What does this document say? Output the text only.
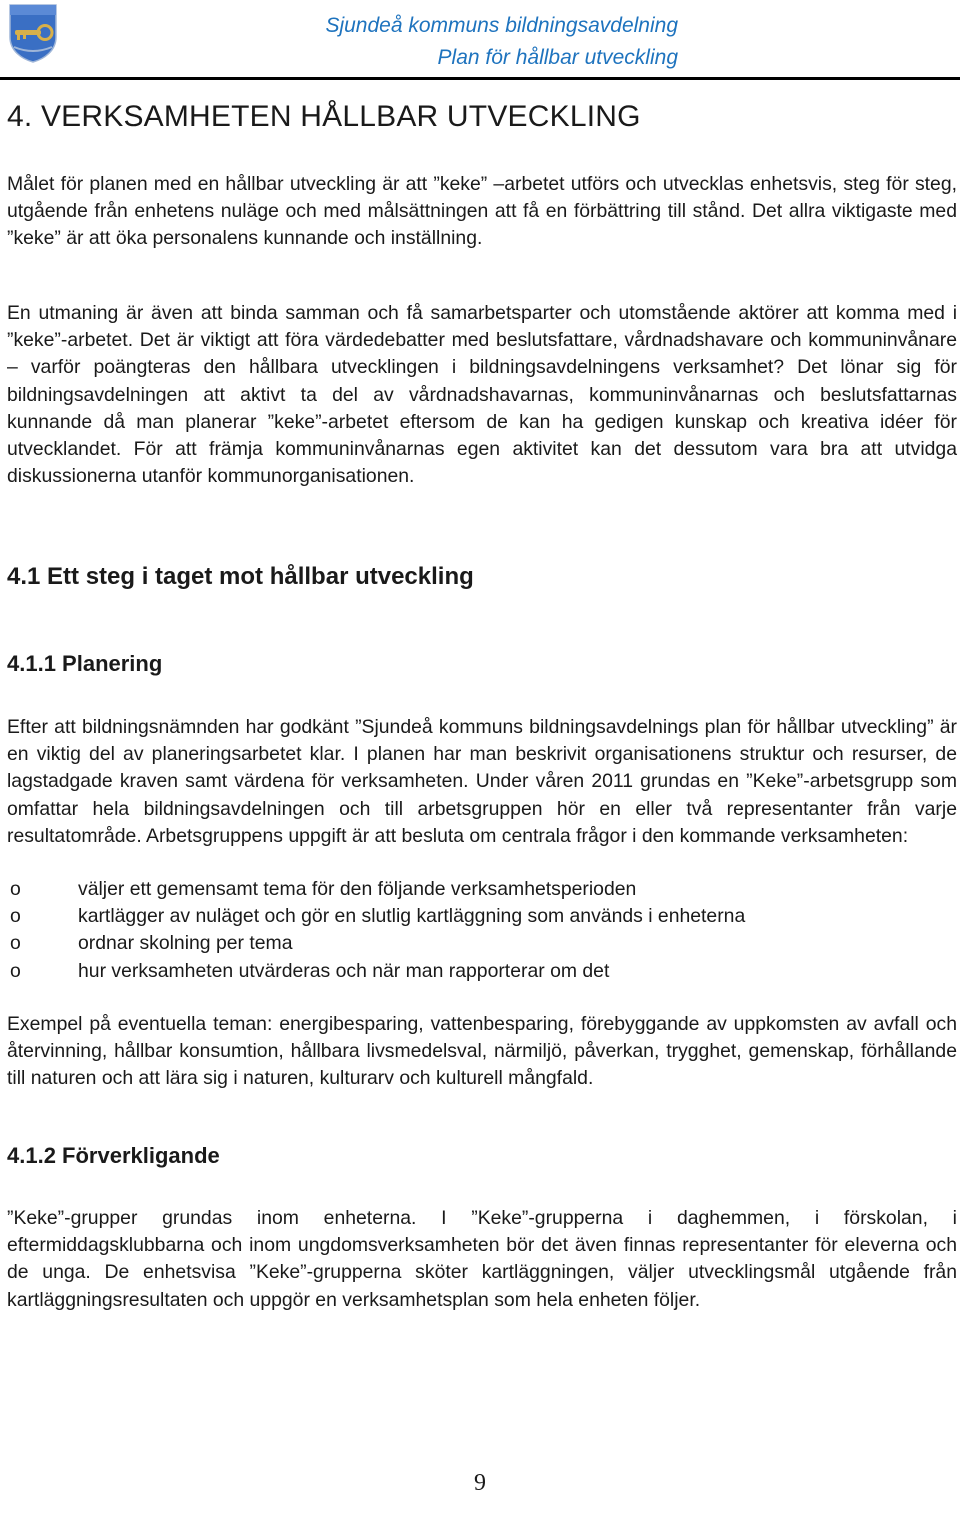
Sjundeå kommuns bildningsavdelning
Plan för hållbar utveckling
4. VERKSAMHETEN HÅLLBAR UTVECKLING

Målet för planen med en hållbar utveckling är att ”keke” –arbetet utförs och utvecklas enhetsvis, steg för steg, utgående från enhetens nuläge och med målsättningen att få en förbättring till stånd. Det allra viktigaste med ”keke” är att öka personalens kunnande och inställning.

En utmaning är även att binda samman och få samarbetsparter och utomstående aktörer att komma med i ”keke”-arbetet. Det är viktigt att föra värdedebatter med beslutsfattare, vårdnadshavare och kommuninvånare – varför poängteras den hållbara utvecklingen i bildningsavdelningens verksamhet? Det lönar sig för bildningsavdelningen att aktivt ta del av vårdnadshavarnas, kommuninvånarnas och beslutsfattarnas kunnande då man planerar ”keke”-arbetet eftersom de kan ha gedigen kunskap och kreativa idéer för utvecklandet. För att främja kommuninvånarnas egen aktivitet kan det dessutom vara bra att utvidga diskussionerna utanför kommunorganisationen.

4.1 Ett steg i taget mot hållbar utveckling
4.1.1 Planering

Efter att bildningsnämnden har godkänt ”Sjundeå kommuns bildningsavdelnings plan för hållbar utveckling” är en viktig del av planeringsarbetet klar. I planen har man beskrivit organisationens struktur och resurser, de lagstadgade kraven samt värdena för verksamheten. Under våren 2011 grundas en ”Keke”-arbetsgrupp som omfattar hela bildningsavdelningen och till arbetsgruppen hör en eller två representanter från varje resultatområde. Arbetsgruppens uppgift är att besluta om centrala frågor i den kommande verksamheten:

o	väljer ett gemensamt tema för den följande verksamhetsperioden
o	kartlägger av nuläget och gör en slutlig kartläggning som används i enheterna
o	ordnar skolning per tema
o	hur verksamheten utvärderas och när man rapporterar om det

Exempel på eventuella teman: energibesparing, vattenbesparing, förebyggande av uppkomsten av avfall och återvinning, hållbar konsumtion, hållbara livsmedelsval, närmiljö, påverkan, trygghet, gemenskap, förhållande till naturen och att lära sig i naturen, kulturarv och kulturell mångfald.

4.1.2 Förverkligande

”Keke”-grupper grundas inom enheterna. I ”Keke”-grupperna i daghemmen, i förskolan, i eftermiddagsklubbarna och inom ungdomsverksamheten bör det även finnas representanter för eleverna och de unga. De enhetsvisa ”Keke”-grupperna sköter kartläggningen, väljer utvecklingsmål utgående från kartläggningsresultaten och uppgör en verksamhetsplan som hela enheten följer.

9
